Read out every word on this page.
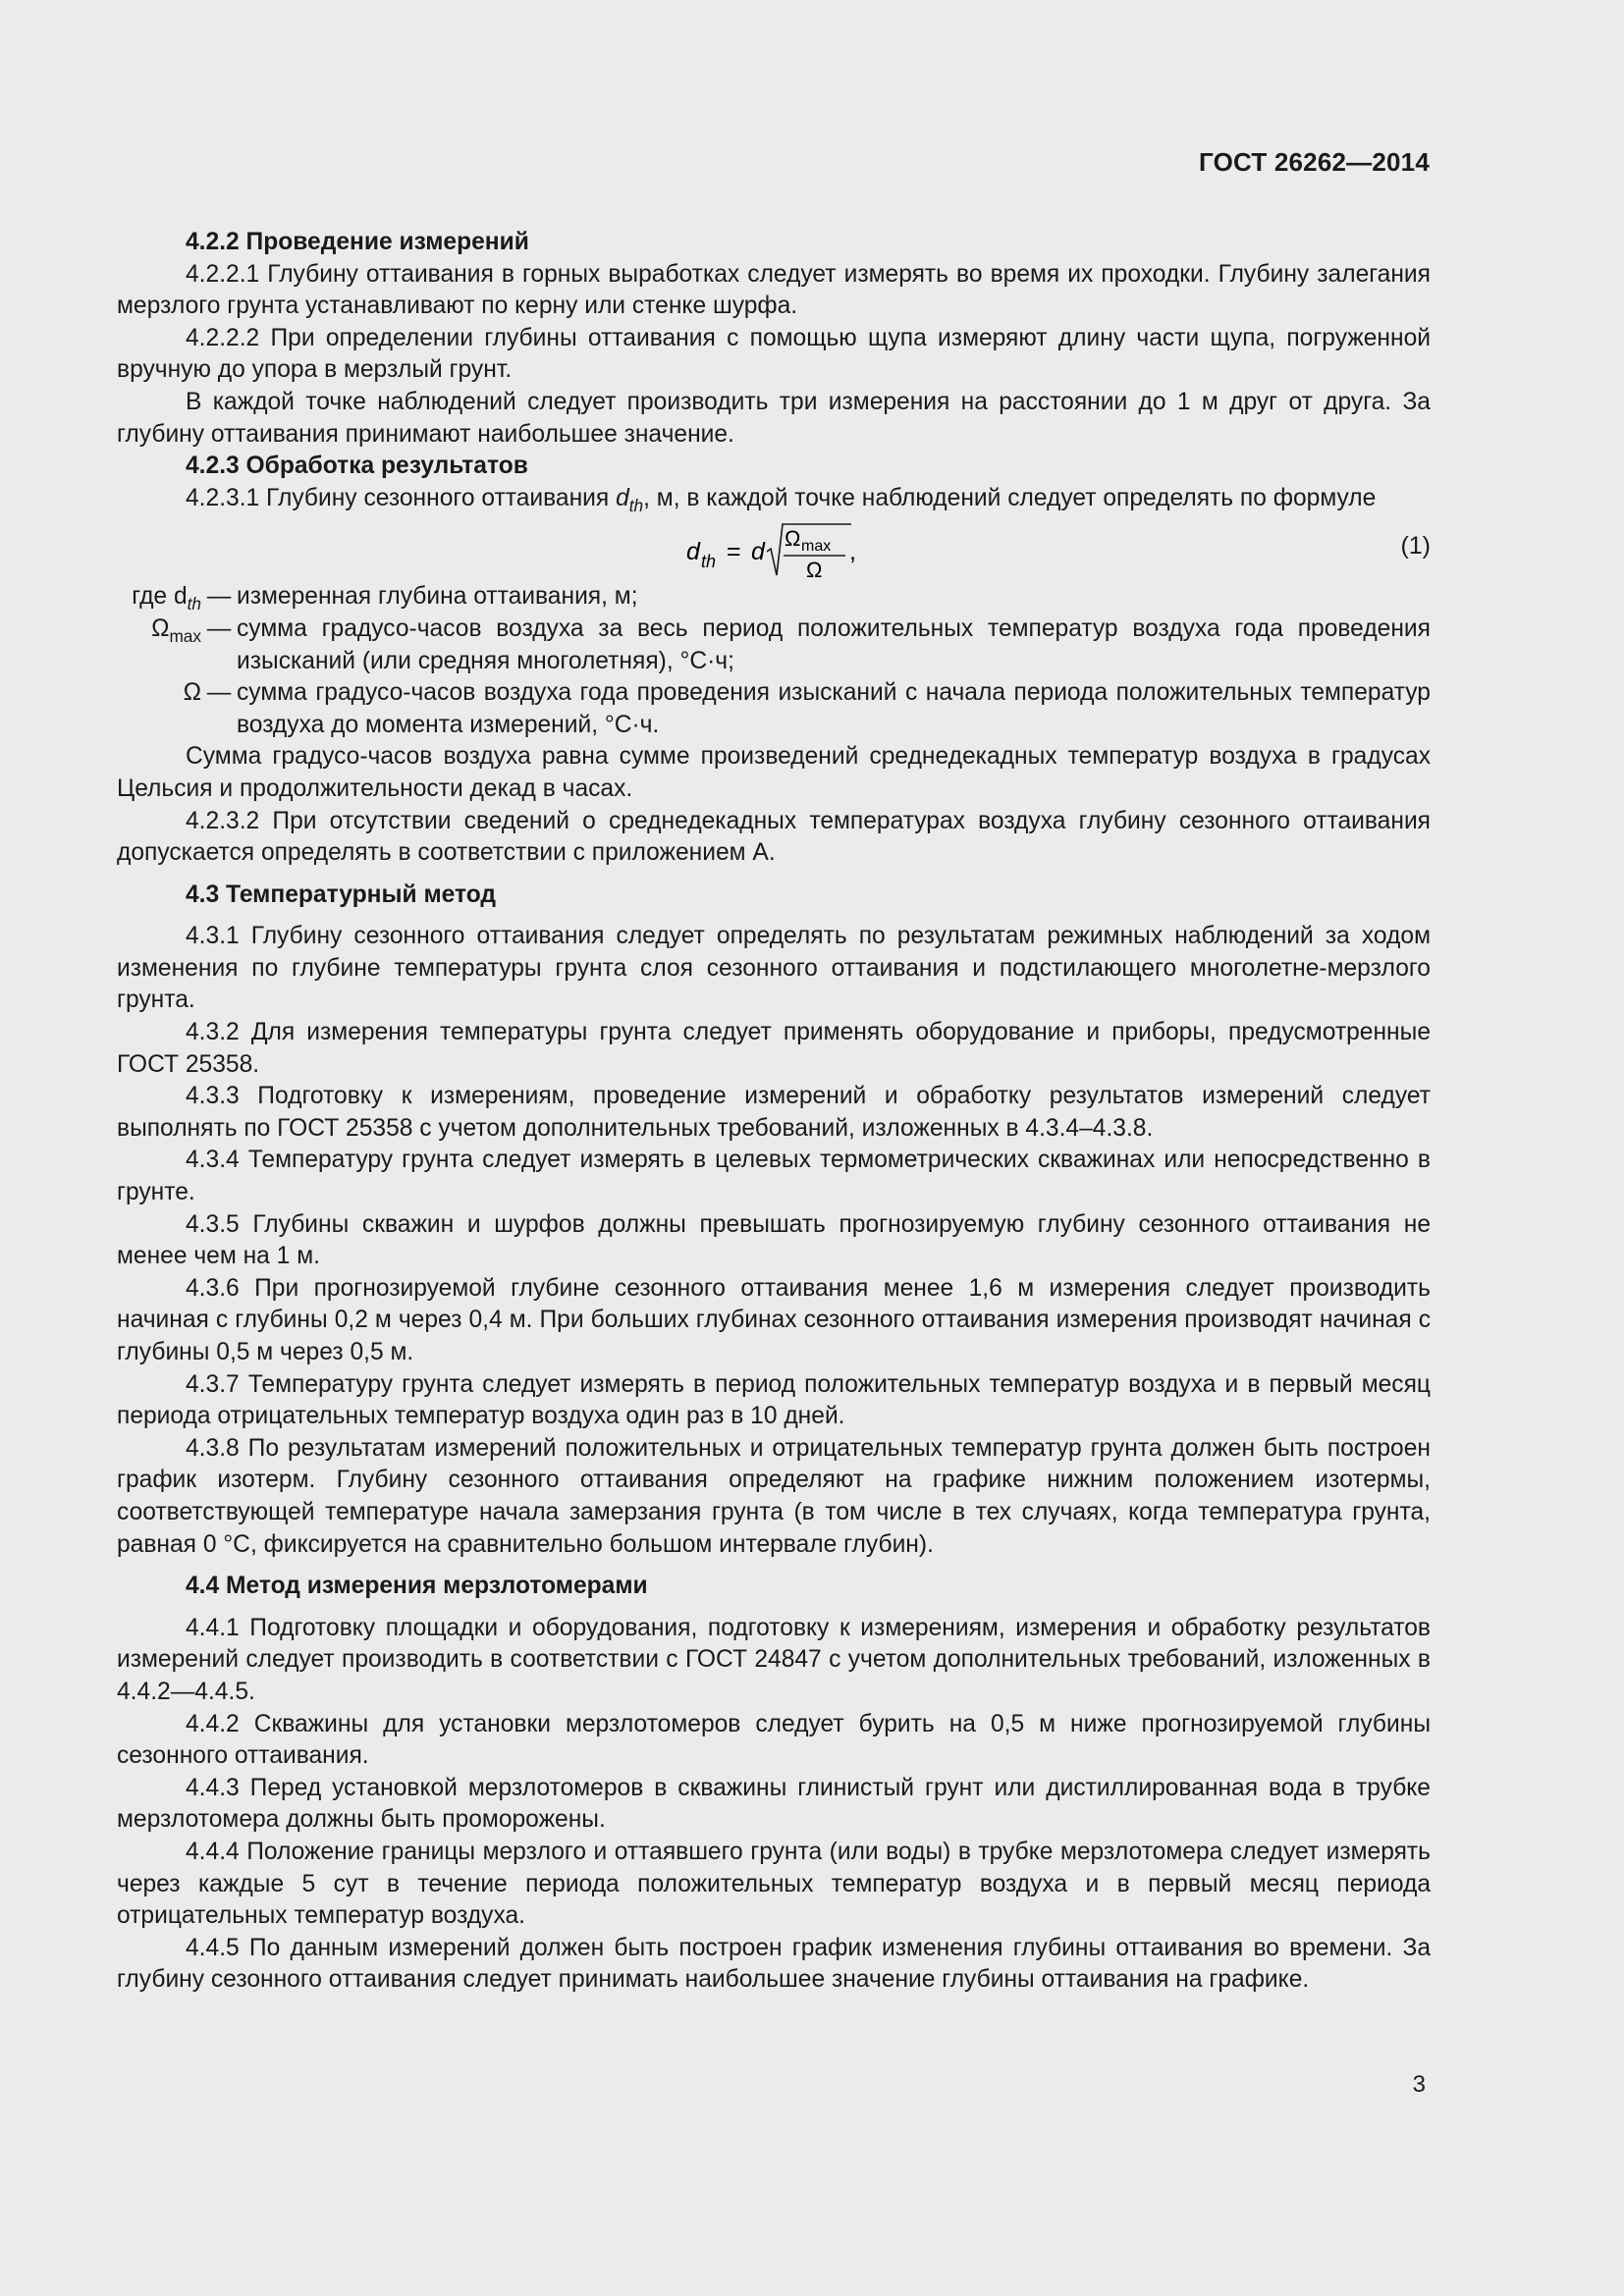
ГОСТ 26262—2014

4.2.2 Проведение измерений

4.2.2.1 Глубину оттаивания в горных выработках следует измерять во время их проходки. Глубину залегания мерзлого грунта устанавливают по керну или стенке шурфа.

4.2.2.2 При определении глубины оттаивания с помощью щупа измеряют длину части щупа, погруженной вручную до упора в мерзлый грунт.

В каждой точке наблюдений следует производить три измерения на расстоянии до 1 м друг от друга. За глубину оттаивания принимают наибольшее значение.

4.2.3 Обработка результатов

4.2.3.1 Глубину сезонного оттаивания $d_{th}$, м, в каждой точке наблюдений следует определять по формуле

d th = d Ω max
Ω
,	(1)
где $d_{th}$ — измеренная глубина оттаивания, м;
$\Omega_{max}$ — сумма градусо-часов воздуха за весь период положительных температур воздуха года проведения изысканий (или средняя многолетняя), °С·ч;
Ω — сумма градусо-часов воздуха года проведения изысканий с начала периода положительных температур воздуха до момента измерений, °С·ч.

Сумма градусо-часов воздуха равна сумме произведений среднедекадных температур воздуха в градусах Цельсия и продолжительности декад в часах.

4.2.3.2 При отсутствии сведений о среднедекадных температурах воздуха глубину сезонного оттаивания допускается определять в соответствии с приложением А.

4.3 Температурный метод

4.3.1 Глубину сезонного оттаивания следует определять по результатам режимных наблюдений за ходом изменения по глубине температуры грунта слоя сезонного оттаивания и подстилающего многолетне-мерзлого грунта.

4.3.2 Для измерения температуры грунта следует применять оборудование и приборы, предусмотренные ГОСТ 25358.

4.3.3 Подготовку к измерениям, проведение измерений и обработку результатов измерений следует выполнять по ГОСТ 25358 с учетом дополнительных требований, изложенных в 4.3.4–4.3.8.

4.3.4 Температуру грунта следует измерять в целевых термометрических скважинах или непосредственно в грунте.

4.3.5 Глубины скважин и шурфов должны превышать прогнозируемую глубину сезонного оттаивания не менее чем на 1 м.

4.3.6 При прогнозируемой глубине сезонного оттаивания менее 1,6 м измерения следует производить начиная с глубины 0,2 м через 0,4 м. При больших глубинах сезонного оттаивания измерения производят начиная с глубины 0,5 м через 0,5 м.

4.3.7 Температуру грунта следует измерять в период положительных температур воздуха и в первый месяц периода отрицательных температур воздуха один раз в 10 дней.

4.3.8 По результатам измерений положительных и отрицательных температур грунта должен быть построен график изотерм. Глубину сезонного оттаивания определяют на графике нижним положением изотермы, соответствующей температуре начала замерзания грунта (в том числе в тех случаях, когда температура грунта, равная 0 °С, фиксируется на сравнительно большом интервале глубин).

4.4 Метод измерения мерзлотомерами

4.4.1 Подготовку площадки и оборудования, подготовку к измерениям, измерения и обработку результатов измерений следует производить в соответствии с ГОСТ 24847 с учетом дополнительных требований, изложенных в 4.4.2—4.4.5.

4.4.2 Скважины для установки мерзлотомеров следует бурить на 0,5 м ниже прогнозируемой глубины сезонного оттаивания.

4.4.3 Перед установкой мерзлотомеров в скважины глинистый грунт или дистиллированная вода в трубке мерзлотомера должны быть проморожены.

4.4.4 Положение границы мерзлого и оттаявшего грунта (или воды) в трубке мерзлотомера следует измерять через каждые 5 сут в течение периода положительных температур воздуха и в первый месяц периода отрицательных температур воздуха.

4.4.5 По данным измерений должен быть построен график изменения глубины оттаивания во времени. За глубину сезонного оттаивания следует принимать наибольшее значение глубины оттаивания на графике.

3
